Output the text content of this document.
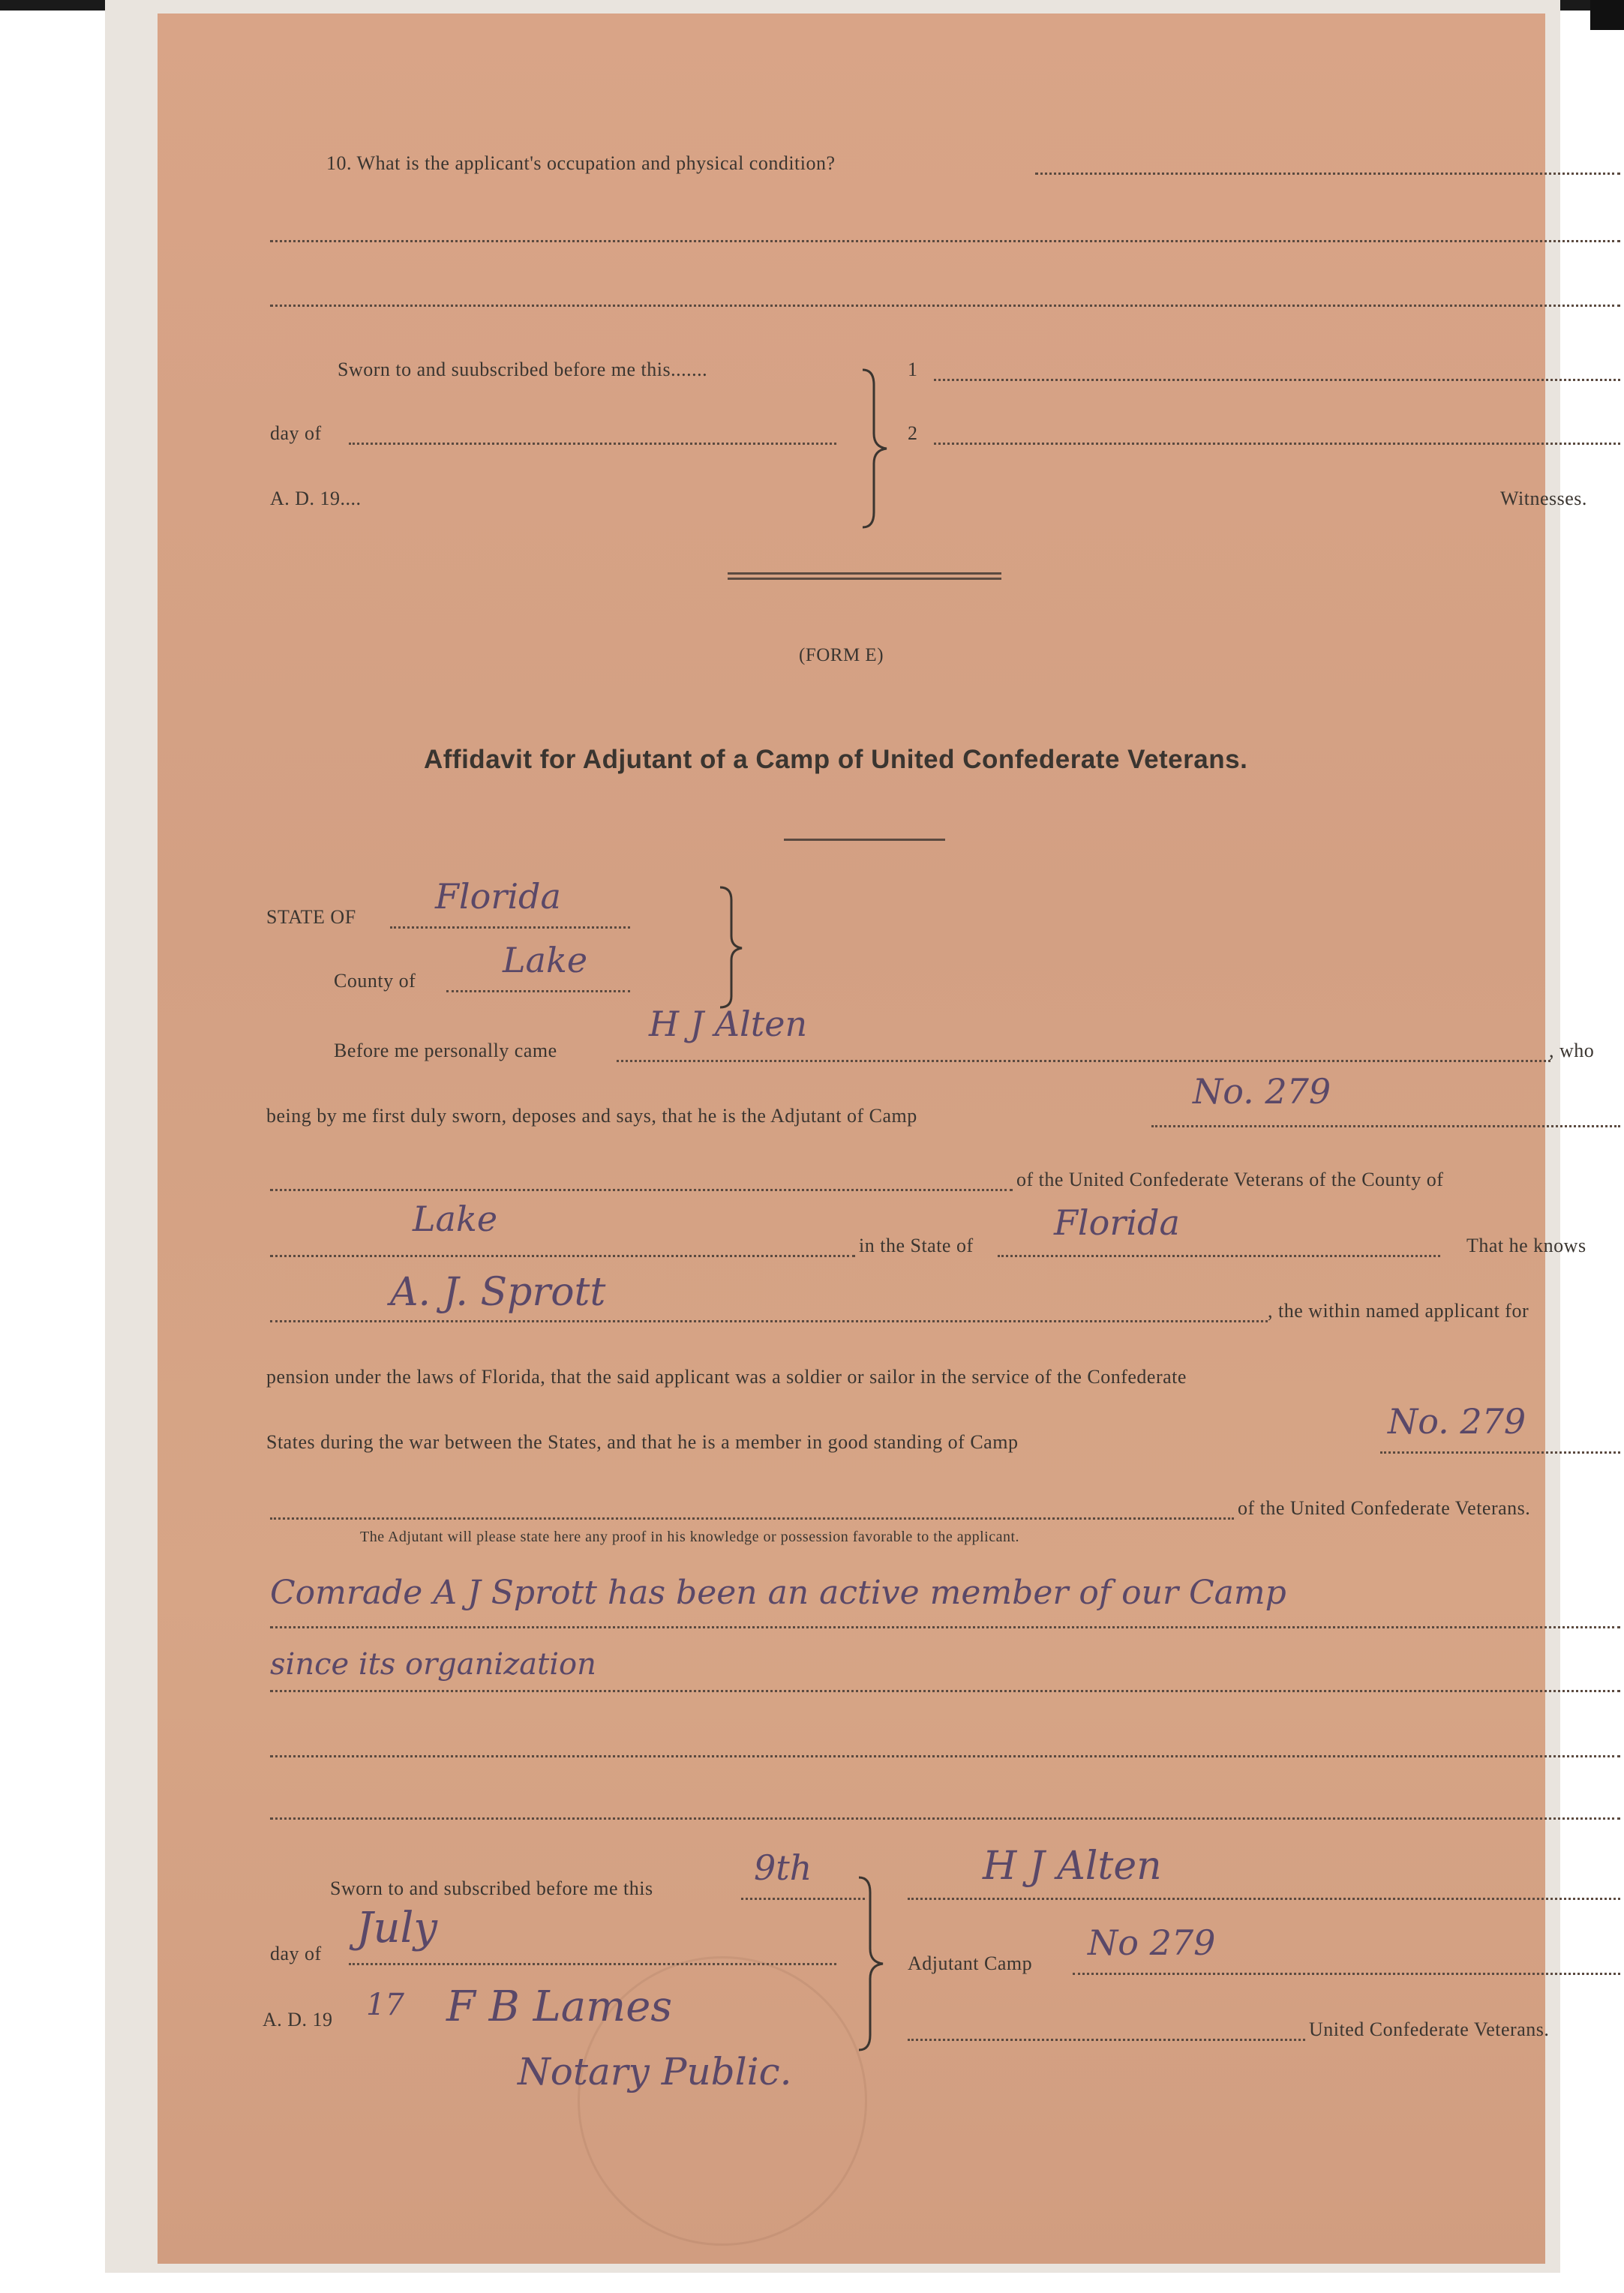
10. What is the applicant's occupation and physical condition?
Sworn to and suubscribed before me this.......
day of
A. D. 19....
1
2
Witnesses.
(FORM E)
Affidavit for Adjutant of a Camp of United Confederate Veterans.
STATE OF
Florida
County of
Lake
Before me personally came
H J Alten
, who
being by me first duly sworn, deposes and says, that he is the Adjutant of Camp
No. 279
of the United Confederate Veterans of the County of
Lake
in the State of
Florida
That he knows
A. J. Sprott	, the within named applicant for
pension under the laws of Florida, that the said applicant was a soldier or sailor in the service of the Confederate
States during the war between the States, and that he is a member in good standing of Camp
No. 279
of the United Confederate Veterans.
The Adjutant will please state here any proof in his knowledge or possession favorable to the applicant.
Comrade A J Sprott has been an active member of our Camp
since its organization
Sworn to and subscribed before me this
9th
day of
July
A. D. 19 17 F B Lames
Notary Public.
H J Alten
Adjutant Camp
No 279
United Confederate Veterans.
